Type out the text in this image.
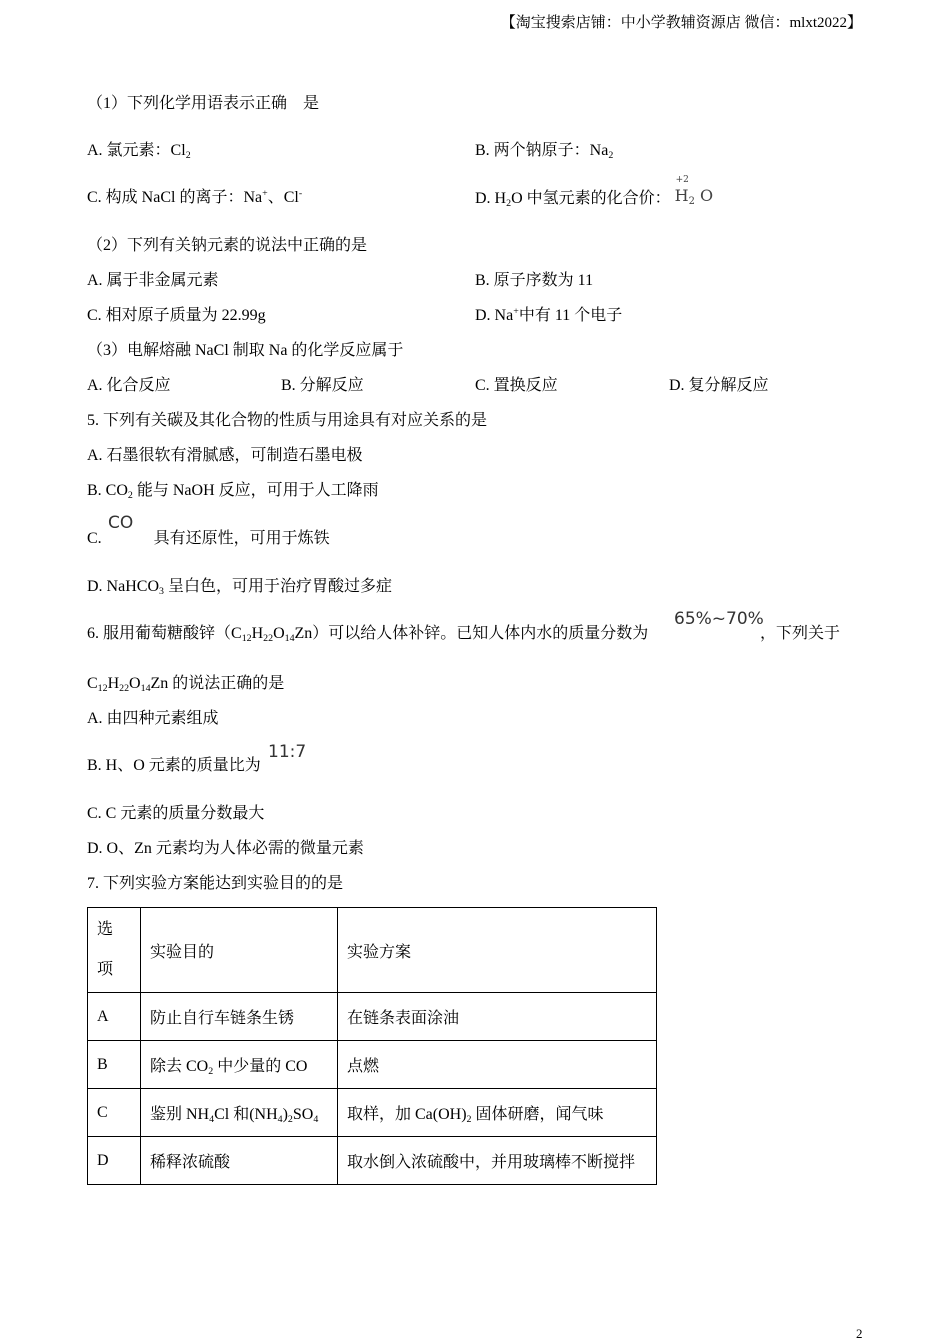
【淘宝搜索店铺：中小学教辅资源店 微信：mlxt2022】
（1）下列化学用语表示正确　是
A. 氯元素：$Cl_2$	B. 两个钠原子：$Na_2$
C. 构成 NaCl 的离子：Na+、Cl-	D. $H_2O$ 中氢元素的化合价：
+2
$H_2$ O
（2）下列有关钠元素的说法中正确的是
A. 属于非金属元素	B. 原子序数为 11
C. 相对原子质量为 22.99g	D. Na+中有 11 个电子
（3）电解熔融 NaCl 制取 Na 的化学反应属于
A. 化合反应	B. 分解反应	C. 置换反应	D. 复分解反应
5. 下列有关碳及其化合物的性质与用途具有对应关系的是
A. 石墨很软有滑腻感，可制造石墨电极
B. $CO_2$ 能与 NaOH 反应，可用于人工降雨
C.	具有还原性，可用于炼铁
CO
D. NaHCO$_3$ 呈白色，可用于治疗胃酸过多症
6. 服用葡萄糖酸锌$(C_{12}H_{22}O_{14}Zn)$可以给人体补锌。已知人体内水的质量分数为
65%~70%
，下列关于
$C_{12}H_{22}O_{14}Zn$ 的说法正确的是
A. 由四种元素组成
B. H、O 元素的质量比为
11:7
C. C 元素的质量分数最大
D. O、Zn 元素均为人体必需的微量元素
7. 下列实验方案能达到实验目的的是
选
项	实验目的	实验方案
A	防止自行车链条生锈	在链条表面涂油
B	除去 $CO_2$ 中少量的 CO	点燃
C	鉴别 $NH_4Cl$ 和$(NH_4)_2SO_4$	取样，加 $Ca(OH)_2$ 固体研磨，闻气味
D	稀释浓硫酸	取水倒入浓硫酸中，并用玻璃棒不断搅拌
2
